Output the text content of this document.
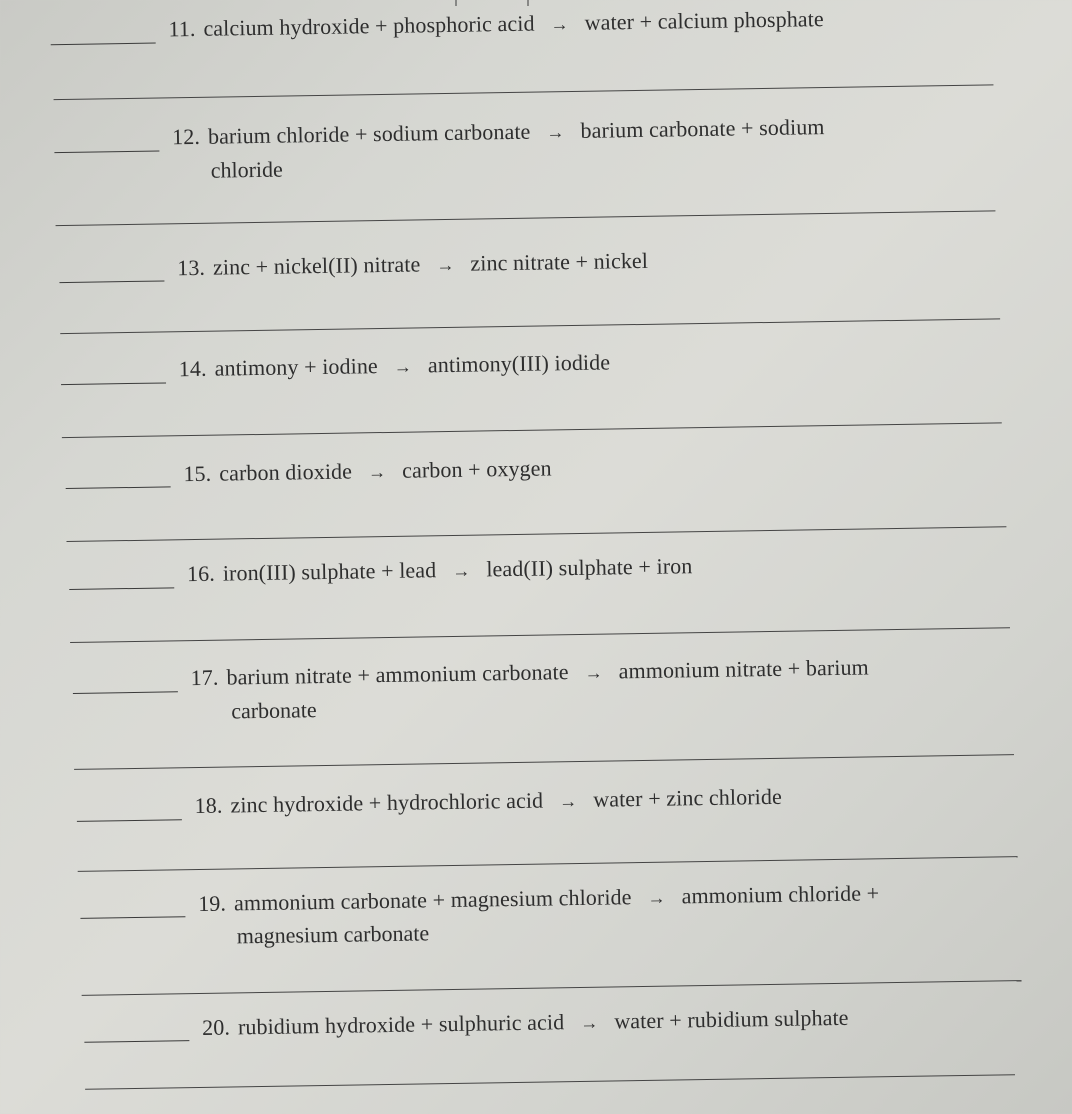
11. calcium hydroxide + phosphoric acid → water + calcium phosphate
12. barium chloride + sodium carbonate → barium carbonate + sodium
chloride
13. zinc + nickel(II) nitrate → zinc nitrate + nickel
14. antimony + iodine → antimony(III) iodide
15. carbon dioxide → carbon + oxygen
16. iron(III) sulphate + lead → lead(II) sulphate + iron
17. barium nitrate + ammonium carbonate → ammonium nitrate + barium
carbonate
18. zinc hydroxide + hydrochloric acid → water + zinc chloride
19. ammonium carbonate + magnesium chloride → ammonium chloride +
magnesium carbonate
20. rubidium hydroxide + sulphuric acid → water + rubidium sulphate
